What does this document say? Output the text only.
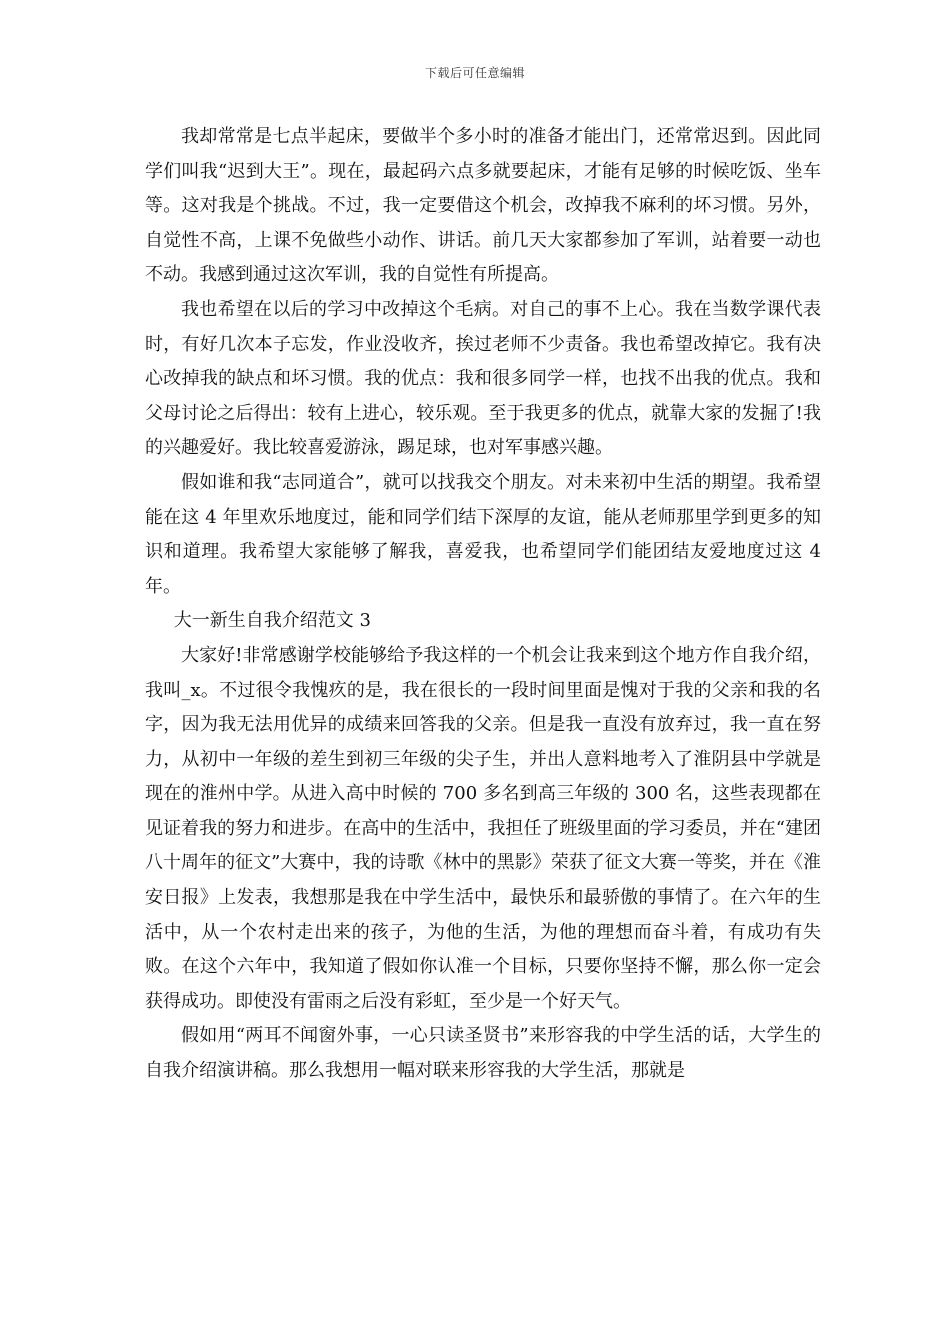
下载后可任意编辑

我却常常是七点半起床，要做半个多小时的准备才能出门，还常常迟到。因此同学们叫我“迟到大王”。现在，最起码六点多就要起床，才能有足够的时候吃饭、坐车等。这对我是个挑战。不过，我一定要借这个机会，改掉我不麻利的坏习惯。另外，自觉性不高，上课不免做些小动作、讲话。前几天大家都参加了军训，站着要一动也不动。我感到通过这次军训，我的自觉性有所提高。

我也希望在以后的学习中改掉这个毛病。对自己的事不上心。我在当数学课代表时，有好几次本子忘发，作业没收齐，挨过老师不少责备。我也希望改掉它。我有决心改掉我的缺点和坏习惯。我的优点：我和很多同学一样，也找不出我的优点。我和父母讨论之后得出：较有上进心，较乐观。至于我更多的优点，就靠大家的发掘了!我的兴趣爱好。我比较喜爱游泳，踢足球，也对军事感兴趣。

假如谁和我“志同道合”，就可以找我交个朋友。对未来初中生活的期望。我希望能在这 4 年里欢乐地度过，能和同学们结下深厚的友谊，能从老师那里学到更多的知识和道理。我希望大家能够了解我，喜爱我，也希望同学们能团结友爱地度过这 4 年。

大一新生自我介绍范文 3

大家好!非常感谢学校能够给予我这样的一个机会让我来到这个地方作自我介绍，我叫_x。不过很令我愧疚的是，我在很长的一段时间里面是愧对于我的父亲和我的名字，因为我无法用优异的成绩来回答我的父亲。但是我一直没有放弃过，我一直在努力，从初中一年级的差生到初三年级的尖子生，并出人意料地考入了淮阴县中学就是现在的淮州中学。从进入高中时候的 700 多名到高三年级的 300 名，这些表现都在见证着我的努力和进步。在高中的生活中，我担任了班级里面的学习委员，并在“建团八十周年的征文”大赛中，我的诗歌《林中的黑影》荣获了征文大赛一等奖，并在《淮安日报》上发表，我想那是我在中学生活中，最快乐和最骄傲的事情了。在六年的生活中，从一个农村走出来的孩子，为他的生活，为他的理想而奋斗着，有成功有失败。在这个六年中，我知道了假如你认准一个目标，只要你坚持不懈，那么你一定会获得成功。即使没有雷雨之后没有彩虹，至少是一个好天气。

假如用“两耳不闻窗外事，一心只读圣贤书”来形容我的中学生活的话，大学生的自我介绍演讲稿。那么我想用一幅对联来形容我的大学生活，那就是
